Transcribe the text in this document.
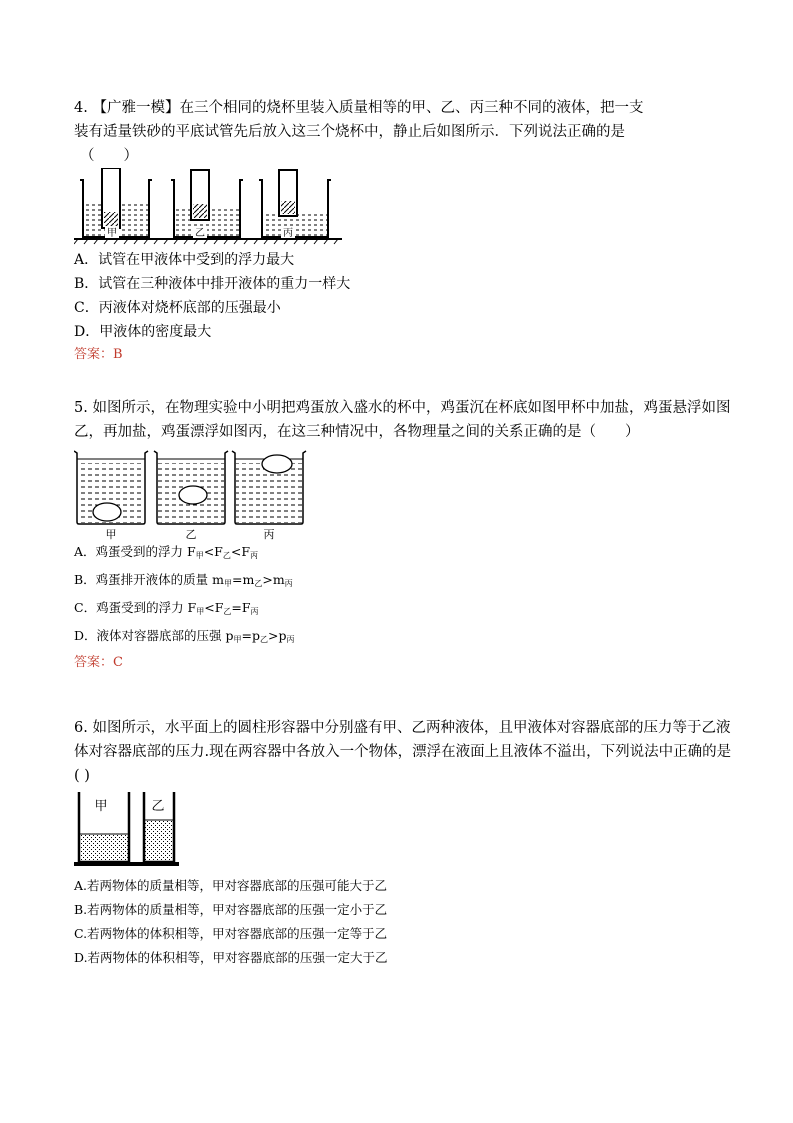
4. 【广雅一模】在三个相同的烧杯里装入质量相等的甲、乙、丙三种不同的液体，把一支
装有适量铁砂的平底试管先后放入这三个烧杯中，静止后如图所示．下列说法正确的是
（　　）
甲	乙	丙
A．试管在甲液体中受到的浮力最大
B．试管在三种液体中排开液体的重力一样大
C．丙液体对烧杯底部的压强最小
D．甲液体的密度最大
答案：B
5. 如图所示，在物理实验中小明把鸡蛋放入盛水的杯中，鸡蛋沉在杯底如图甲杯中加盐，鸡蛋悬浮如图
乙，再加盐，鸡蛋漂浮如图丙，在这三种情况中，各物理量之间的关系正确的是（　　）
甲	乙	丙
A．鸡蛋受到的浮力 $F_甲<F_乙<F_丙$
B．鸡蛋排开液体的质量 $m_甲=m_乙>m_丙$
C．鸡蛋受到的浮力 $F_甲<F_乙=F_丙$
D．液体对容器底部的压强 $p_甲=p_乙>p_丙$
答案：C
6. 如图所示，水平面上的圆柱形容器中分别盛有甲、乙两种液体，且甲液体对容器底部的压力等于乙液
体对容器底部的压力.现在两容器中各放入一个物体，漂浮在液面上且液体不溢出，下列说法中正确的是
( )
甲	乙
A.若两物体的质量相等，甲对容器底部的压强可能大于乙
B.若两物体的质量相等，甲对容器底部的压强一定小于乙
C.若两物体的体积相等，甲对容器底部的压强一定等于乙
D.若两物体的体积相等，甲对容器底部的压强一定大于乙
